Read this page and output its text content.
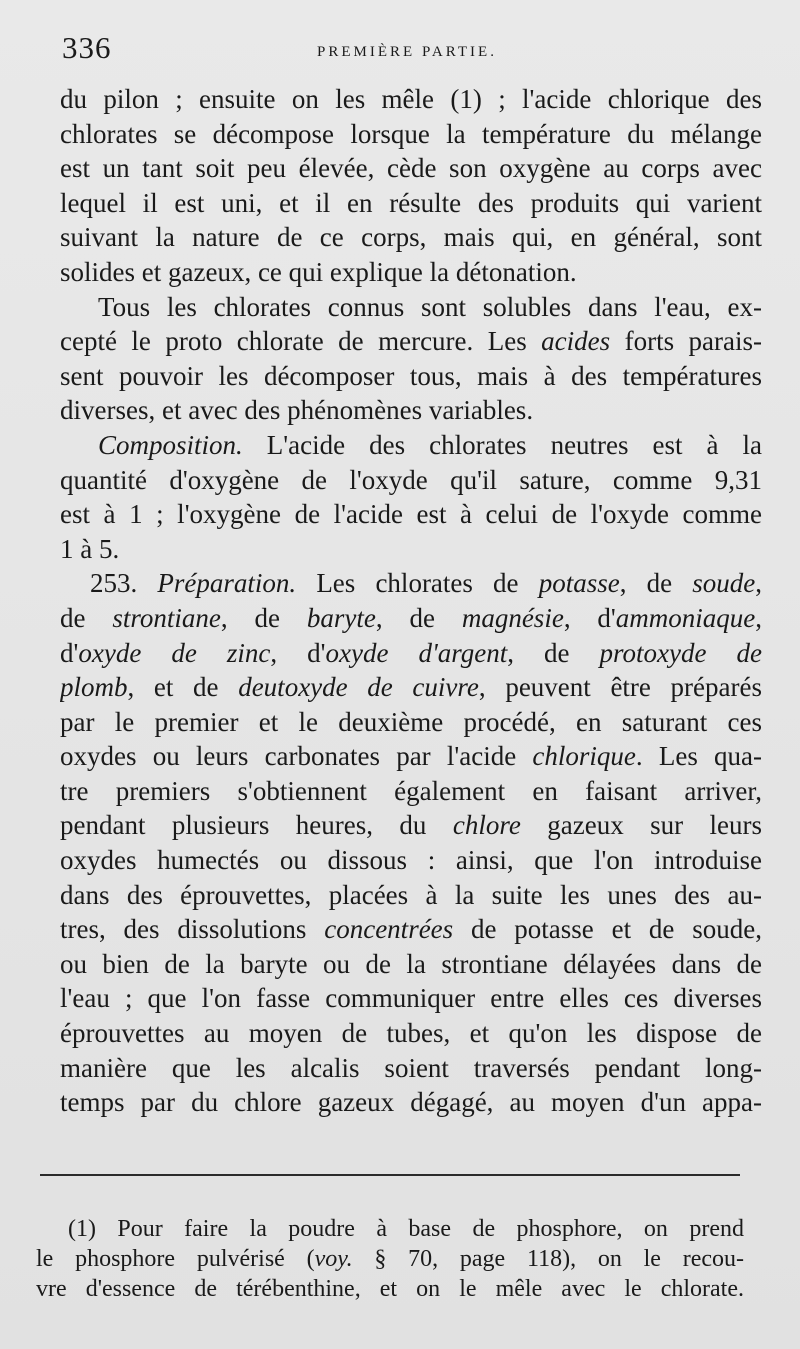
336	PREMIÈRE PARTIE.
du pilon ; ensuite on les mêle (1) ; l'acide chlorique des
chlorates se décompose lorsque la température du mélange
est un tant soit peu élevée, cède son oxygène au corps avec
lequel il est uni, et il en résulte des produits qui varient
suivant la nature de ce corps, mais qui, en général, sont
solides et gazeux, ce qui explique la détonation.
Tous les chlorates connus sont solubles dans l'eau, ex-
cepté le proto chlorate de mercure. Les acides forts parais-
sent pouvoir les décomposer tous, mais à des températures
diverses, et avec des phénomènes variables.
Composition. L'acide des chlorates neutres est à la
quantité d'oxygène de l'oxyde qu'il sature, comme 9,31
est à 1 ; l'oxygène de l'acide est à celui de l'oxyde comme
1 à 5.
253. Préparation. Les chlorates de potasse, de soude,
de strontiane, de baryte, de magnésie, d'ammoniaque,
d'oxyde de zinc, d'oxyde d'argent, de protoxyde de
plomb, et de deutoxyde de cuivre, peuvent être préparés
par le premier et le deuxième procédé, en saturant ces
oxydes ou leurs carbonates par l'acide chlorique. Les qua-
tre premiers s'obtiennent également en faisant arriver,
pendant plusieurs heures, du chlore gazeux sur leurs
oxydes humectés ou dissous : ainsi, que l'on introduise
dans des éprouvettes, placées à la suite les unes des au-
tres, des dissolutions concentrées de potasse et de soude,
ou bien de la baryte ou de la strontiane délayées dans de
l'eau ; que l'on fasse communiquer entre elles ces diverses
éprouvettes au moyen de tubes, et qu'on les dispose de
manière que les alcalis soient traversés pendant long-
temps par du chlore gazeux dégagé, au moyen d'un appa-
(1) Pour faire la poudre à base de phosphore, on prend
le phosphore pulvérisé (voy. § 70, page 118), on le recou-
vre d'essence de térébenthine, et on le mêle avec le chlorate.
